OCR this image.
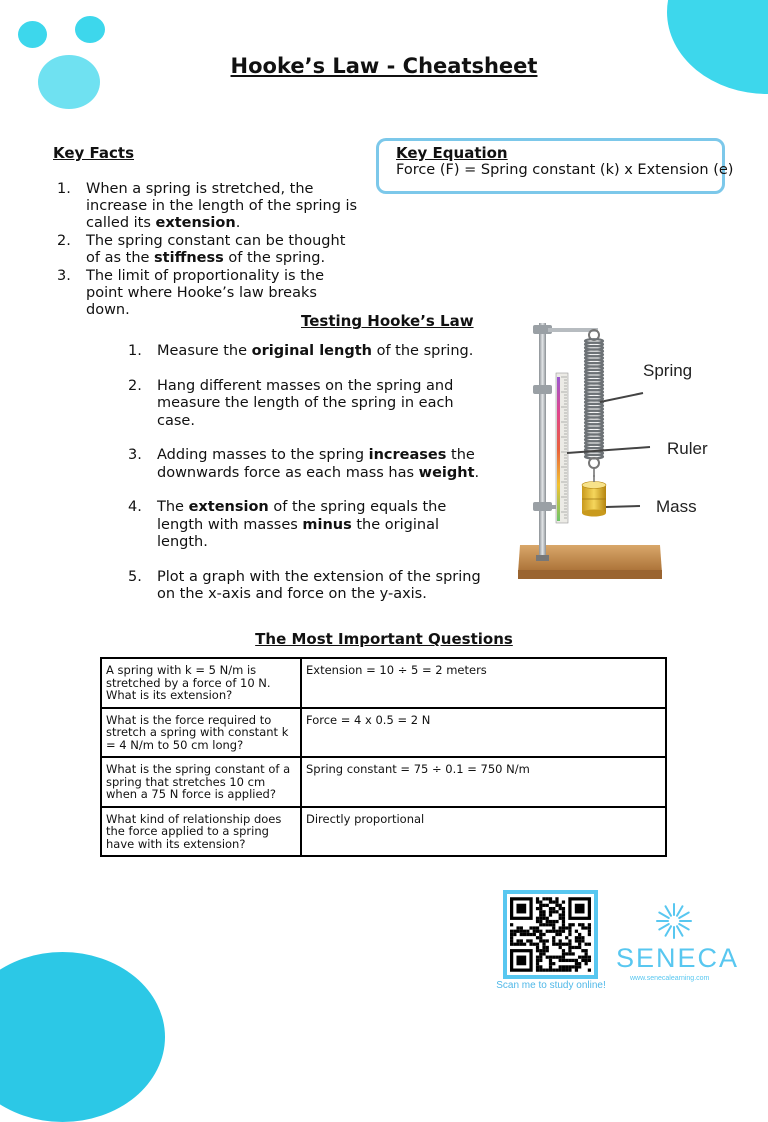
Hooke’s Law - Cheatsheet
Key Facts
1. When a spring is stretched, the increase in the length of the spring is called its extension.
2. The spring constant can be thought of as the stiffness of the spring.
3. The limit of proportionality is the point where Hooke’s law breaks down.
Key Equation
Force (F) = Spring constant (k) x Extension (e)
Testing Hooke’s Law
1. Measure the original length of the spring.
2. Hang different masses on the spring and measure the length of the spring in each case.
3. Adding masses to the spring increases the downwards force as each mass has weight.
4. The extension of the spring equals the length with masses minus the original length.
5. Plot a graph with the extension of the spring on the x-axis and force on the y-axis.
Spring
Ruler
Mass
The Most Important Questions
A spring with k = 5 N/m is stretched by a force of 10 N. What is its extension?	Extension = 10 ÷ 5 = 2 meters
What is the force required to stretch a spring with constant k = 4 N/m to 50 cm long?	Force = 4 x 0.5 = 2 N
What is the spring constant of a spring that stretches 10 cm when a 75 N force is applied?	Spring constant = 75 ÷ 0.1 = 750 N/m
What kind of relationship does the force applied to a spring have with its extension?	Directly proportional
Scan me to study online!
SENECA
www.senecalearning.com
